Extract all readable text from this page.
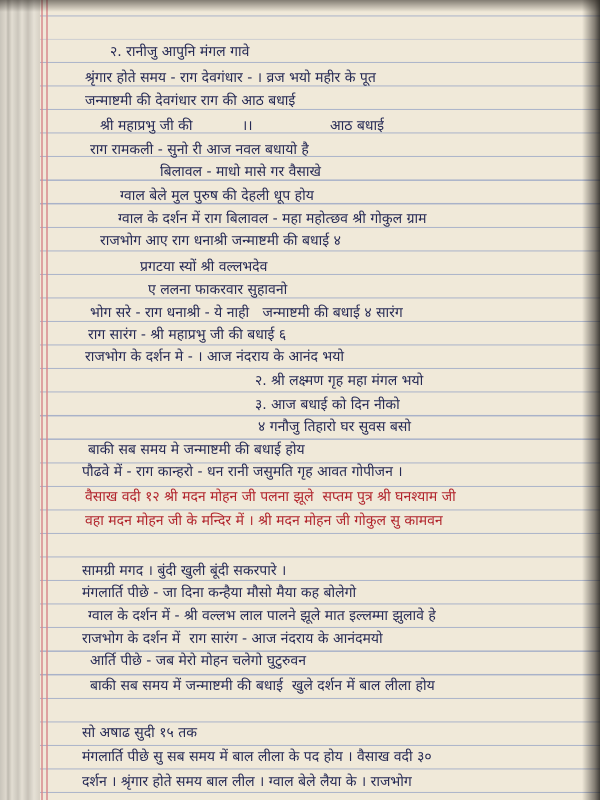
२. रानीजु आपुनि मंगल गावे
श्रृंगार होते समय - राग देवगंधार - । व्रज भयो महीर के पूत
जन्माष्टमी की देवगंधार राग की आठ बधाई
श्री महाप्रभु जी की	।।	आठ बधाई
राग रामकली - सुनो री आज नवल बधायो है
बिलावल - माधो मासे गर वैसाखे
ग्वाल बेले मुल पुरुष की देहली धूप होय
ग्वाल के दर्शन में राग बिलावल - महा महोत्छव श्री गोकुल ग्राम
राजभोग आए राग धनाश्री जन्माष्टमी की बधाई ४
प्रगटया स्यों श्री वल्लभदेव
ए ललना फाकरवार सुहावनो
भोग सरे - राग धनाश्री - ये नाही   जन्माष्टमी की बधाई ४ सारंग
राग सारंग - श्री महाप्रभु जी की बधाई ६
राजभोग के दर्शन मे - । आज नंदराय के आनंद भयो
२. श्री लक्ष्मण गृह महा मंगल भयो
३. आज बधाई को दिन नीको
४ गनौजु तिहारो घर सुवस बसो
बाकी सब समय मे जन्माष्टमी की बधाई होय
पौढवे में - राग कान्हरो - धन रानी जसुमति गृह आवत गोपीजन ।
वैसाख वदी १२ श्री मदन मोहन जी पलना झूले  सप्तम पुत्र श्री घनश्याम जी
वहा मदन मोहन जी के मन्दिर में । श्री मदन मोहन जी गोकुल सु कामवन

सामग्री मगद । बुंदी खुली बूंदी सकरपारे ।
मंगलार्ति पीछे - जा दिना कन्हैया मौसो मैया कह बोलेगो
ग्वाल के दर्शन में - श्री वल्लभ लाल पालने झूले मात इल्लम्मा झुलावे हे
राजभोग के दर्शन में  राग सारंग - आज नंदराय के आनंदमयो
आर्ति पीछे - जब मेरो मोहन चलेगो घुटुरुवन
बाकी सब समय में जन्माष्टमी की बधाई  खुले दर्शन में बाल लीला होय

सो अषाढ सुदी १५ तक
मंगलार्ति पीछे सु सब समय में बाल लीला के पद होय । वैसाख वदी ३०
दर्शन । श्रृंगार होते समय बाल लील । ग्वाल बेले लैया के । राजभोग
